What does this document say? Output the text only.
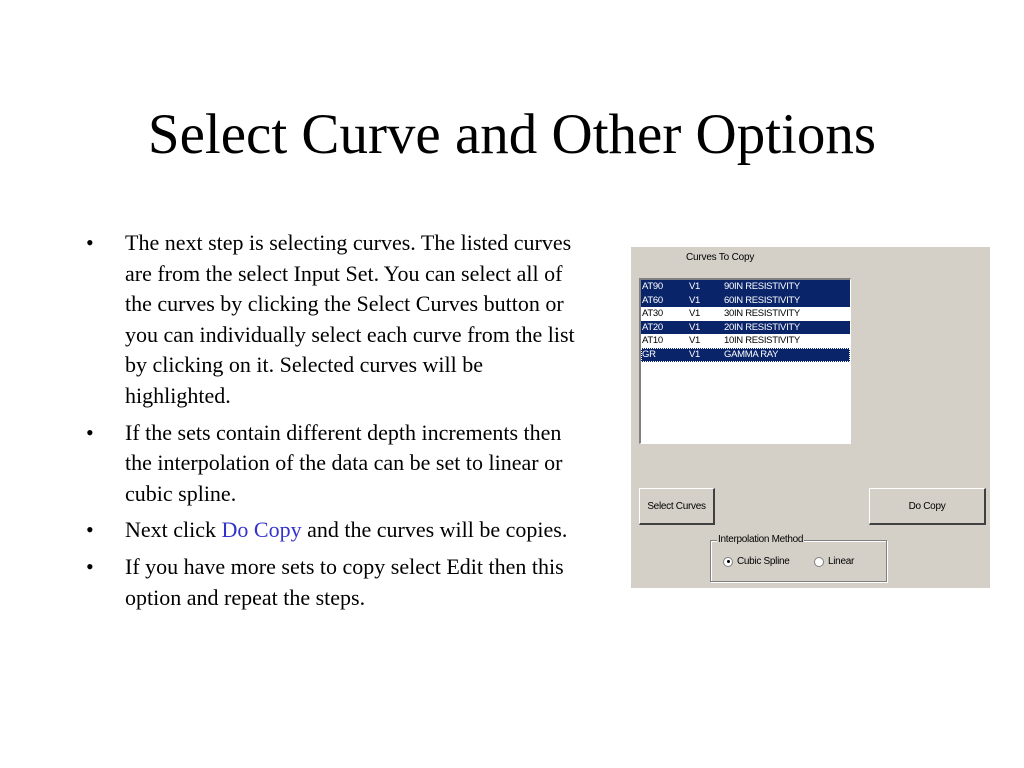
Select Curve and Other Options
• The next step is selecting curves. The listed curves are from the select Input Set. You can select all of the curves by clicking the Select Curves button or you can individually select each curve from the list by clicking on it. Selected curves will be highlighted.
• If the sets contain different depth increments then the interpolation of the data can be set to linear or cubic spline.
• Next click Do Copy and the curves will be copies.
• If you have more sets to copy select Edit then this option and repeat the steps.
Curves To Copy
AT90	V1	90IN RESISTIVITY
AT60	V1	60IN RESISTIVITY
AT30	V1	30IN RESISTIVITY
AT20	V1	20IN RESISTIVITY
AT10	V1	10IN RESISTIVITY
GR	V1	GAMMA RAY
Select Curves	Do Copy
Interpolation Method
Cubic Spline	Linear
